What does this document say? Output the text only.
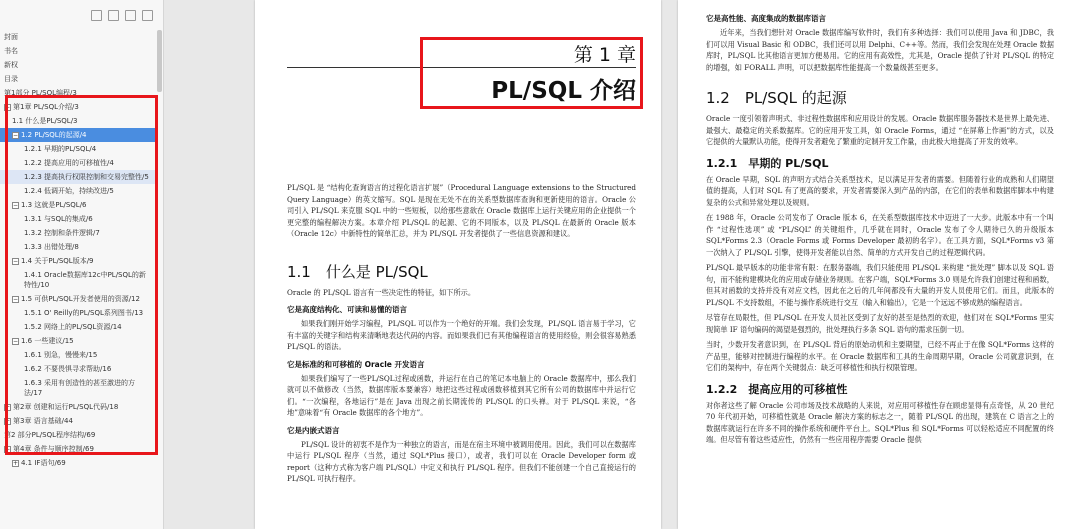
封面
书名
新权
目录
第1部分 PL/SQL编程/3
− 第1章 PL/SQL介绍/3
1.1 什么是PL/SQL/3
− 1.2 PL/SQL的起源/4
1.2.1 早期的PL/SQL/4
1.2.2 提高应用的可移植性/4
1.2.3 提高执行权限控制和交易完整性/5
1.2.4 低调开始，持续改进/5
− 1.3 这就是PL/SQL/6
1.3.1 与SQL的集成/6
1.3.2 控制和条件逻辑/7
1.3.3 出错处理/8
− 1.4 关于PL/SQL版本/9
1.4.1 Oracle数据库12c中PL/SQL的新特性/10
− 1.5 可供PL/SQL开发者使用的资源/12
1.5.1 O' Reilly的PL/SQL系列图书/13
1.5.2 网络上的PL/SQL资源/14
− 1.6 一些建议/15
1.6.1 别急，慢慢来/15
1.6.2 不要畏惧寻求帮助/16
1.6.3 采用有创造性的甚至激进的方法/17
+ 第2章 创建和运行PL/SQL代码/18
+ 第3章 语言基础/44
第2 部分PL/SQL程序结构/69
− 第4章 条件与顺序控制/69
+ 4.1 IF语句/69
第 1 章
PL/SQL 介绍

PL/SQL 是 “结构化查询语言的过程化语言扩展”（Procedural Language extensions to the Structured Query Language）的英文缩写。SQL 是现在无处不在的关系型数据库查询和更新使用的语言。Oracle 公司引入 PL/SQL 来克服 SQL 中的一些短板，以给那些意欲在 Oracle 数据库上运行关键应用的企业提供一个更完整的编程解决方案。本章介绍 PL/SQL 的起源、它的不同版本，以及 PL/SQL 在最新的 Oracle 版本（Oracle 12c）中新特性的简单汇总，并为 PL/SQL 开发者提供了一些信息资源和建议。

1.1　什么是 PL/SQL

Oracle 的 PL/SQL 语言有一些决定性的特征，如下所示。

它是高度结构化、可读和易懂的语言

如果我们刚开始学习编程，PL/SQL 可以作为一个绝好的开端。我们会发现，PL/SQL 语言易于学习，它有丰富的关键字和结构来清晰地表达代码的内容。而如果我们已有其他编程语言的使用经验，则会很容易熟悉 PL/SQL 的语法。

它是标准的和可移植的 Oracle 开发语言

如果我们编写了一些PL/SQL过程或函数，并运行在自己的笔记本电脑上的 Oracle 数据库中，那么我们就可以不做修改（当然，数据库版本要兼容）地把这些过程或函数移植到其它所有公司的数据库中并运行它们。“一次编程，各地运行”是在 Java 出现之前长期流传的 PL/SQL 的口头禅。对于 PL/SQL 来说，“各地”意味着“有 Oracle 数据库的各个地方”。

它是内嵌式语言

PL/SQL 设计的初衷不是作为一种独立的语言，而是在宿主环境中被调用使用。因此，我们可以在数据库中运行 PL/SQL 程序（当然，通过 SQL*Plus 接口），或者，我们可以在 Oracle Developer form 或 report（这种方式称为客户端 PL/SQL）中定义和执行 PL/SQL 程序。但我们不能创建一个自己直接运行的 PL/SQL 可执行程序。

它是高性能、高度集成的数据库语言

近年来，当我们想针对 Oracle 数据库编写软件时，我们有多种选择：我们可以使用 Java 和 JDBC，我们可以用 Visual Basic 和 ODBC，我们还可以用 Delphi、C++等。然而，我们会发现在处理 Oracle 数据库时，PL/SQL 比其他语言更加方便易用。它的应用有高效性，尤其是，Oracle 提供了针对 PL/SQL 的特定的增强，如 FORALL 声明，可以把数据库性能提高一个数量级甚至更多。

1.2　PL/SQL 的起源

Oracle 一度引领着声明式、非过程性数据库和应用设计的发展。Oracle 数据库服务器技术是世界上最先进、最强大、最稳定的关系数据库。它的应用开发工具，如 Oracle Forms，通过 “在屏幕上作画”的方式，以及它提供的大量默认功能，使得开发者避免了繁重的定制开发工作量，由此极大地提高了开发的效率。

1.2.1　早期的 PL/SQL

在 Oracle 早期，SQL 的声明方式结合关系型技术，足以满足开发者的需要。但随着行业的成熟和人们期望值的提高，人们对 SQL 有了更高的要求，开发者需要深入到产品的内部，在它们的表单和数据库脚本中构建复杂的公式和异常处理以及规则。

在 1988 年，Oracle 公司发布了 Oracle 版本 6，在关系型数据库技术中迈进了一大步。此版本中有一个叫作 “过程性选项” 或 “PL/SQL” 的关键组件，几乎就在同时，Oracle 发布了令人期待已久的升级版本 SQL*Forms 2.3（Oracle Forms 或 Forms Developer 最初的名字）。在工具方面，SQL*Forms v3 第一次纳入了 PL/SQL 引擎，使得开发者能以自然、简单的方式开发自己的过程逻辑代码。

PL/SQL 最早版本的功能非常有限：在服务器端，我们只能使用 PL/SQL 来构建 “批处理” 脚本以及 SQL 语句，而不能构建模块化的应用或存储业务规则。在客户端，SQL*Forms 3.0 则是允许我们创建过程和函数，但其对函数的支持并没有对应文档，因此在之后的几年间都没有大量的开发人员使用它们。而且，此版本的 PL/SQL 不支持数组，不能与操作系统进行交互（输入和输出），它是一个远远不够成熟的编程语言。

尽管存在局限性，但 PL/SQL 在开发人员社区受到了友好的甚至是热烈的欢迎，他们对在 SQL*Forms 里实现简单 IF 语句编码的渴望是强烈的，批处理执行多条 SQL 语句的需求压倒一切。

当时，少数开发者意识到，在 PL/SQL 背后的原始动机和主要期望，已经不再止于在像 SQL*Forms 这样的产品里，能够对控制进行编程的水平。在 Oracle 数据库和工具的生命周期早期，Oracle 公司就意识到，在它们的架构中，存在两个关键弱点：缺乏可移植性和执行权限管理。

1.2.2　提高应用的可移植性

对你者这些了解 Oracle 公司市场及技术战略的人来说，对应用可移植性存在顾虑显得有点奇怪，从 20 世纪 70 年代初开始，可移植性就是 Oracle 解决方案的标志之一，随着 PL/SQL 的出现，建筑在 C 语言之上的数据库就运行在许多不同的操作系统和硬件平台上。SQL*Plus 和 SQL*Forms 可以轻松适应不同配置的终端。但尽管有着这些适应性，仍然有一些应用程序需要 Oracle 提供
